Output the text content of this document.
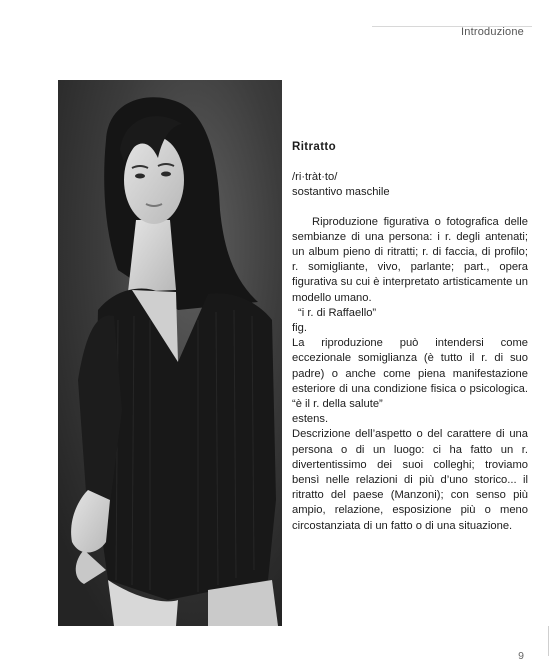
Introduzione
Ritratto
/ri·tràt·to/
sostantivo maschile

Riproduzione figurativa o fotografica delle sembianze di una persona: i r. degli antenati; un album pieno di ritratti; r. di faccia, di profilo; r. somigliante, vivo, parlante; part., opera figurativa su cui è interpretato artisticamente un modello umano.

“i r. di Raffaello”
fig.

La riproduzione può intendersi come eccezionale somiglianza (è tutto il r. di suo padre) o anche come piena manifestazione esteriore di una condizione fisica o psicologica. “è il r. della salute”

estens.

Descrizione dell’aspetto o del carattere di una persona o di un luogo: ci ha fatto un r. divertentissimo dei suoi colleghi; troviamo bensì nelle relazioni di più d’uno storico... il ritratto del paese (Manzoni); con senso più ampio, relazione, esposizione più o meno circostanziata di un fatto o di una situazione.

9
